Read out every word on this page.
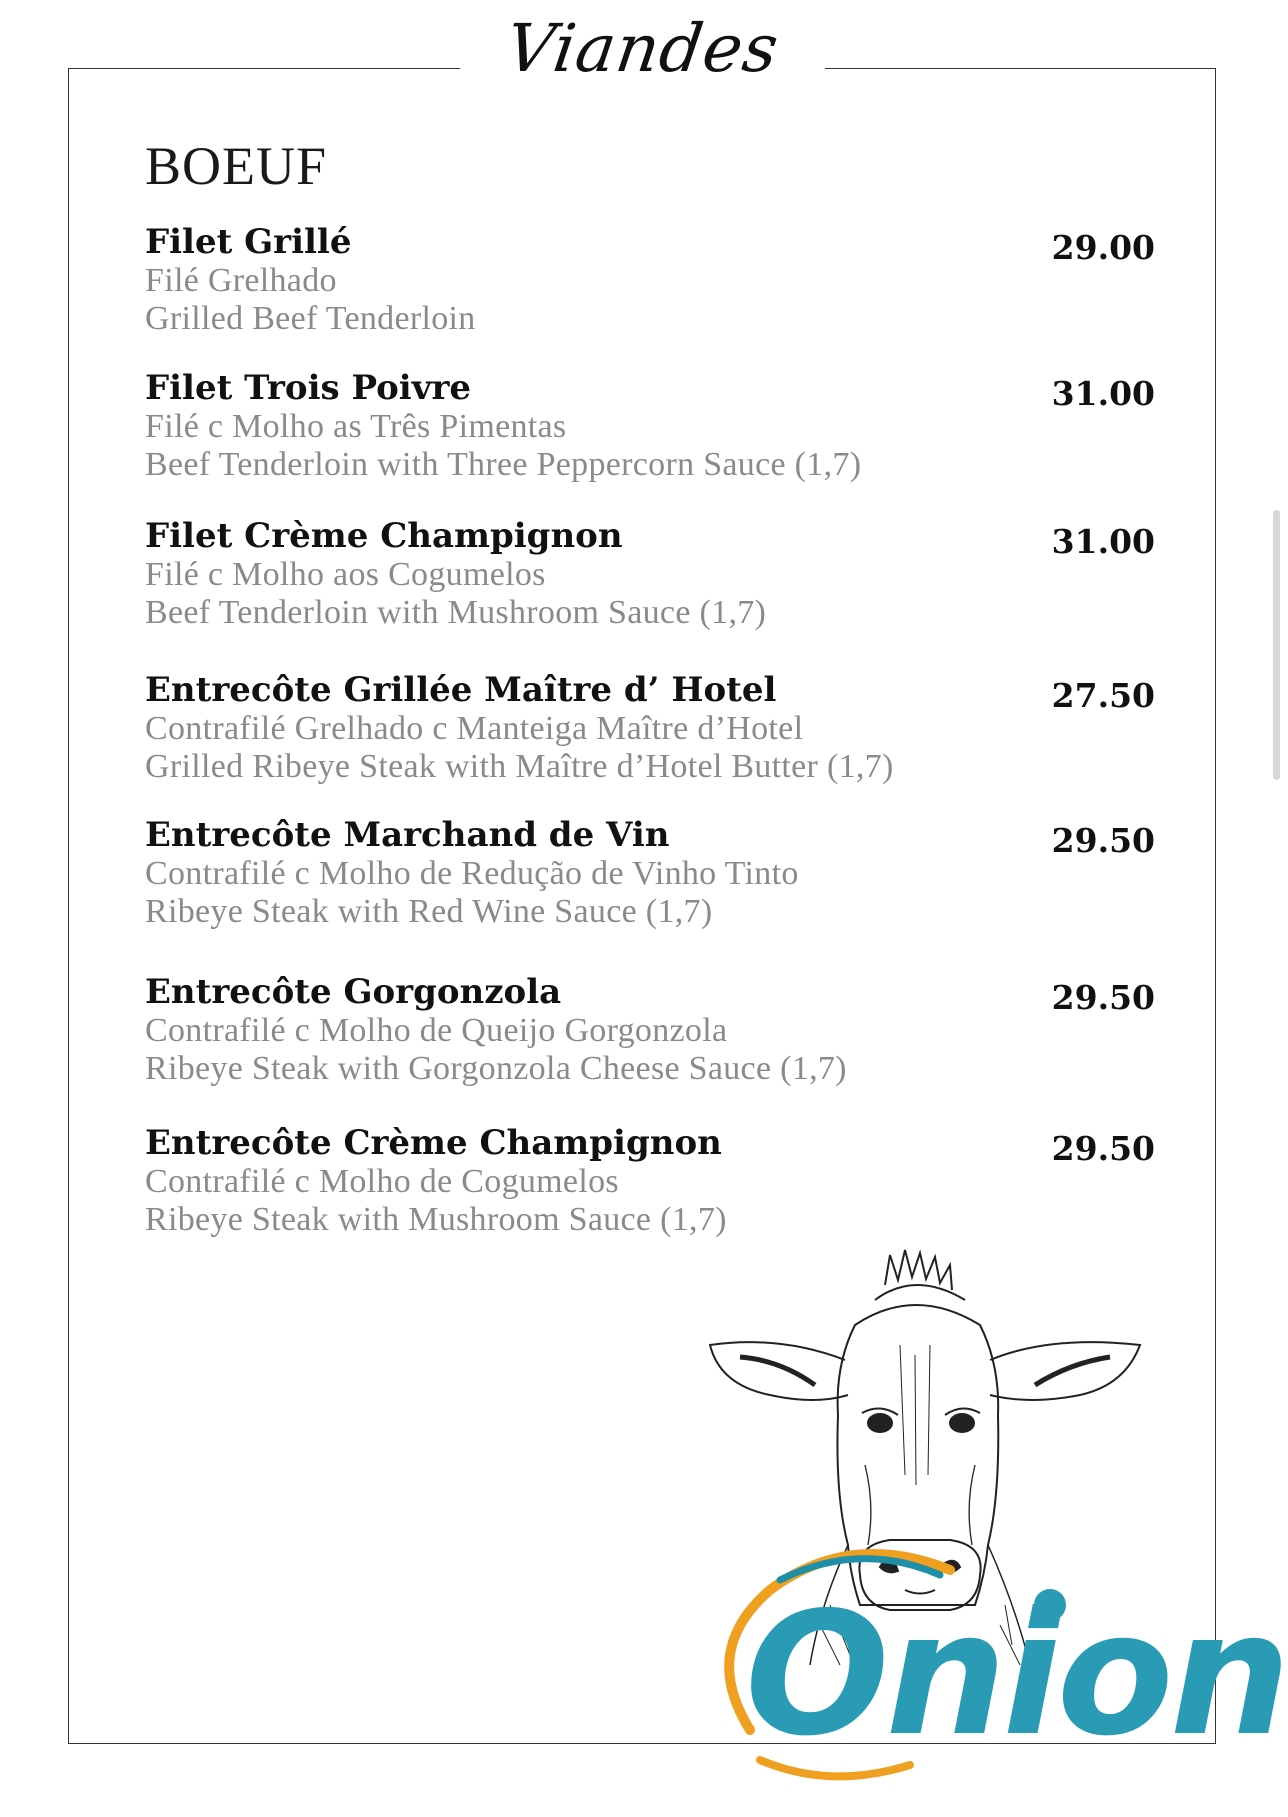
Viandes
BOEUF
Filet Grillé	29.00
Filé Grelhado
Grilled Beef Tenderloin
Filet Trois Poivre	31.00
Filé c Molho as Três Pimentas
Beef Tenderloin with Three Peppercorn Sauce (1,7)
Filet Crème Champignon	31.00
Filé c Molho aos Cogumelos
Beef Tenderloin with Mushroom Sauce (1,7)
Entrecôte Grillée Maître d’ Hotel	27.50
Contrafilé Grelhado c Manteiga Maître d’Hotel
Grilled Ribeye Steak with Maître d’Hotel Butter (1,7)
Entrecôte Marchand de Vin	29.50
Contrafilé c Molho de Redução de Vinho Tinto
Ribeye Steak with Red Wine Sauce (1,7)
Entrecôte Gorgonzola	29.50
Contrafilé c Molho de Queijo Gorgonzola
Ribeye Steak with Gorgonzola Cheese Sauce (1,7)
Entrecôte Crème Champignon	29.50
Contrafilé c Molho de Cogumelos
Ribeye Steak with Mushroom Sauce (1,7)
Onion
